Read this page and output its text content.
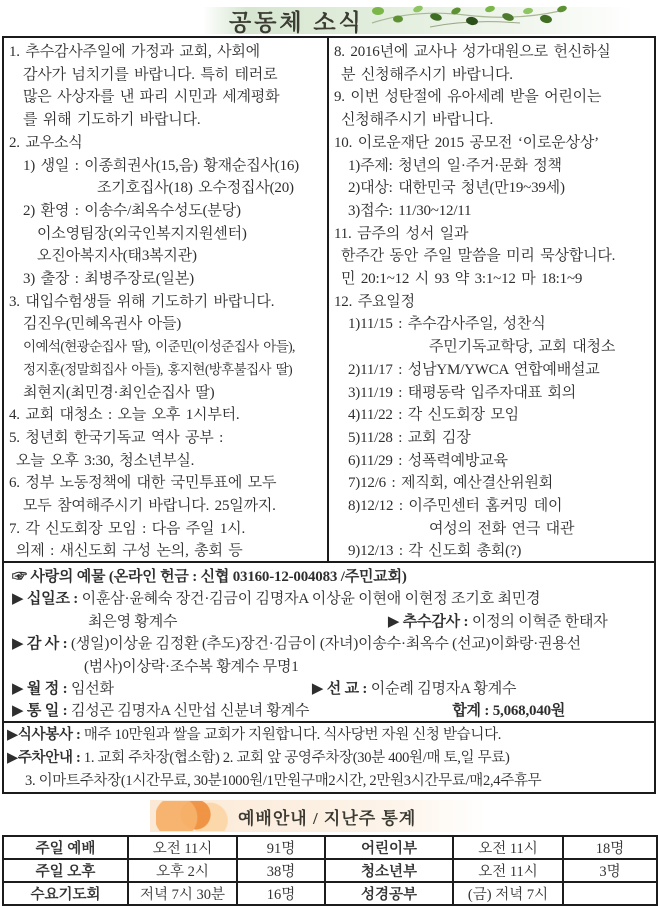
공동체 소식
1. 추수감사주일에 가정과 교회, 사회에
감사가 넘치기를 바랍니다. 특히 테러로
많은 사상자를 낸 파리 시민과 세계평화
를 위해 기도하기 바랍니다.
2. 교우소식
1) 생일 : 이종희권사(15,음) 황재순집사(16)
조기호집사(18) 오수정집사(20)
2) 환영 : 이송수/최옥수성도(분당)
이소영팀장(외국인복지지원센터)
오진아복지사(태3복지관)
3) 출장 : 최병주장로(일본)
3. 대입수험생들 위해 기도하기 바랍니다.
김진우(민혜옥권사 아들)
이예석(현광순집사 딸), 이준민(이성준집사 아들),
정지훈(정말희집사 아들), 홍지현(방후불집사 딸)
최현지(최민경·최인순집사 딸)
4. 교회 대청소 : 오늘 오후 1시부터.
5. 청년회 한국기독교 역사 공부 :
오늘 오후 3:30, 청소년부실.
6. 정부 노동정책에 대한 국민투표에 모두
모두 참여해주시기 바랍니다. 25일까지.
7. 각 신도회장 모임 : 다음 주일 1시.
의제 : 새신도회 구성 논의, 총회 등
8. 2016년에 교사나 성가대원으로 헌신하실
분 신청해주시기 바랍니다.
9. 이번 성탄절에 유아세례 받을 어린이는
신청해주시기 바랍니다.
10. 이로운재단 2015 공모전 ‘이로운상상’
1)주제: 청년의 일·주거·문화 정책
2)대상: 대한민국 청년(만19~39세)
3)접수: 11/30~12/11
11. 금주의 성서 일과
한주간 동안 주일 말씀을 미리 묵상합니다.
민 20:1~12 시 93 약 3:1~12 마 18:1~9
12. 주요일정
1)11/15 : 추수감사주일, 성찬식
주민기독교학당, 교회 대청소
2)11/17 : 성남YM/YWCA 연합예배설교
3)11/19 : 태평동락 입주자대표 회의
4)11/22 : 각 신도회장 모임
5)11/28 : 교회 김장
6)11/29 : 성폭력예방교육
7)12/6 : 제직회, 예산결산위원회
8)12/12 : 이주민센터 홈커밍 데이
여성의 전화 연극 대관
9)12/13 : 각 신도회 총회(?)
☞ 사랑의 예물 (온라인 헌금 : 신협 03160-12-004083 /주민교회)
▶ 십일조 : 이훈삼·윤혜숙 장건·김금이 김명자A 이상윤 이현애 이현정 조기호 최민경
최은영 황계수	▶ 추수감사 : 이정의 이혁준 한태자
▶ 감 사 : (생일)이상윤 김정환 (추도)장건·김금이 (자녀)이송수·최옥수 (선교)이화랑·권용선
(범사)이상락·조수복 황계수 무명1
▶ 월 정 : 임선화	▶ 선 교 : 이순례 김명자A 황계수
▶ 통 일 : 김성곤 김명자A 신만섭 신분녀 황계수	합계 : 5,068,040원
▶식사봉사 : 매주 10만원과 쌀을 교회가 지원합니다. 식사당번 자원 신청 받습니다.
▶주차안내 : 1. 교회 주차장(협소함) 2. 교회 앞 공영주차장(30분 400원/매 토,일 무료)
3. 이마트주차장(1시간무료, 30분1000원/1만원구매2시간, 2만원3시간무료/매2,4주휴무
예배안내 / 지난주 통계
주일 예배	오전 11시	91명	어린이부	오전 11시	18명
주일 오후	오후 2시	38명	청소년부	오전 11시	3명
수요기도회	저녁 7시 30분	16명	성경공부	(금) 저녁 7시	
